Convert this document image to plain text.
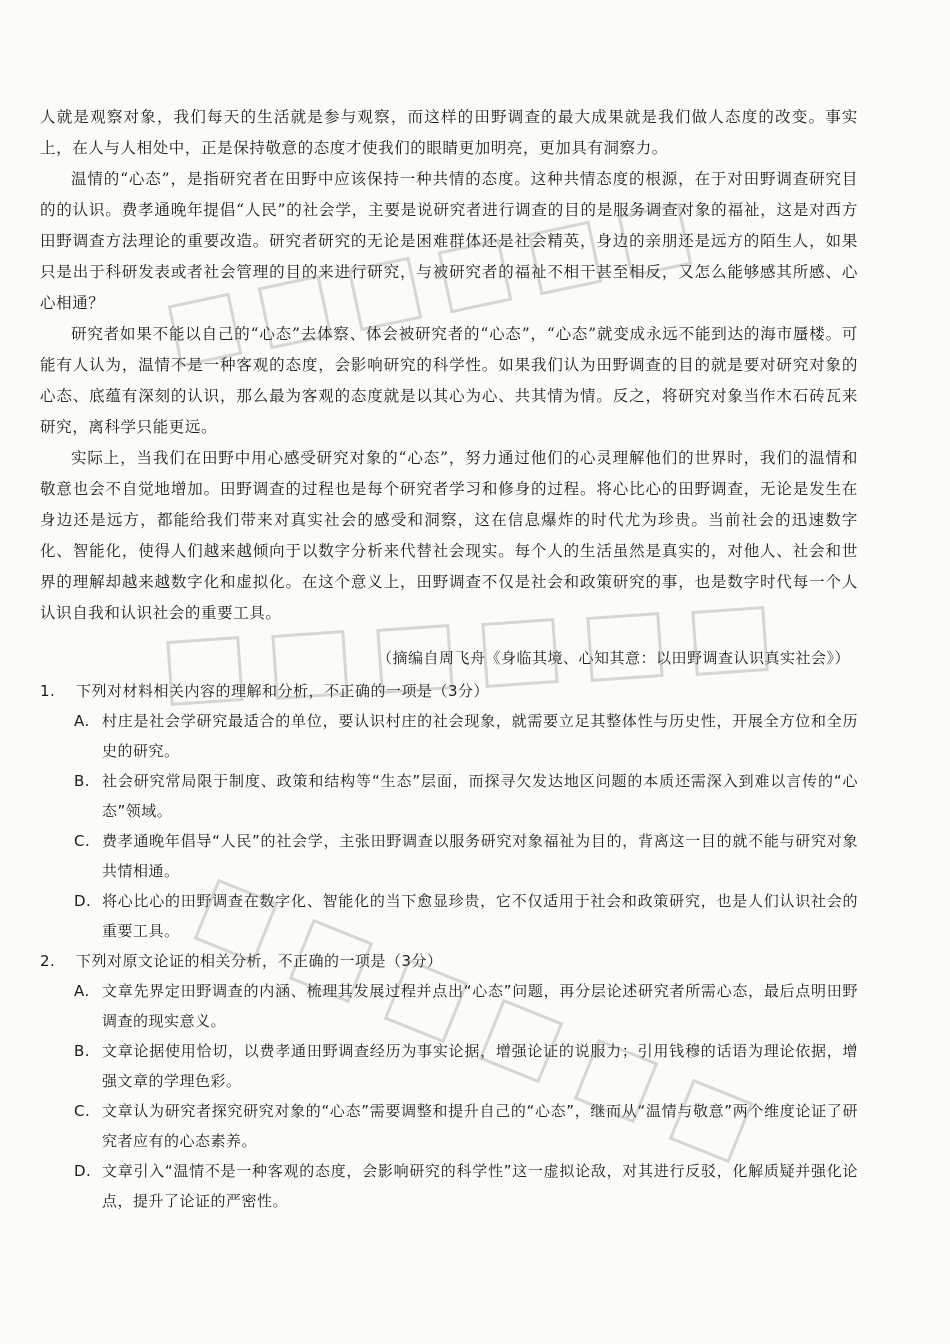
人就是观察对象，我们每天的生活就是参与观察，而这样的田野调查的最大成果就是我们做人态度的改变。事实上，在人与人相处中，正是保持敬意的态度才使我们的眼睛更加明亮，更加具有洞察力。

温情的“心态”，是指研究者在田野中应该保持一种共情的态度。这种共情态度的根源，在于对田野调查研究目的的认识。费孝通晚年提倡“人民”的社会学，主要是说研究者进行调查的目的是服务调查对象的福祉，这是对西方田野调查方法理论的重要改造。研究者研究的无论是困难群体还是社会精英，身边的亲朋还是远方的陌生人，如果只是出于科研发表或者社会管理的目的来进行研究，与被研究者的福祉不相干甚至相反，又怎么能够感其所感、心心相通？

研究者如果不能以自己的“心态”去体察、体会被研究者的“心态”，“心态”就变成永远不能到达的海市蜃楼。可能有人认为，温情不是一种客观的态度，会影响研究的科学性。如果我们认为田野调查的目的就是要对研究对象的心态、底蕴有深刻的认识，那么最为客观的态度就是以其心为心、共其情为情。反之，将研究对象当作木石砖瓦来研究，离科学只能更远。

实际上，当我们在田野中用心感受研究对象的“心态”，努力通过他们的心灵理解他们的世界时，我们的温情和敬意也会不自觉地增加。田野调查的过程也是每个研究者学习和修身的过程。将心比心的田野调查，无论是发生在身边还是远方，都能给我们带来对真实社会的感受和洞察，这在信息爆炸的时代尤为珍贵。当前社会的迅速数字化、智能化，使得人们越来越倾向于以数字分析来代替社会现实。每个人的生活虽然是真实的，对他人、社会和世界的理解却越来越数字化和虚拟化。在这个意义上，田野调查不仅是社会和政策研究的事，也是数字时代每一个人认识自我和认识社会的重要工具。

（摘编自周飞舟《身临其境、心知其意：以田野调查认识真实社会》）
1.	下列对材料相关内容的理解和分析，不正确的一项是（3分）
A. 村庄是社会学研究最适合的单位，要认识村庄的社会现象，就需要立足其整体性与历史性，开展全方位和全历史的研究。
B. 社会研究常局限于制度、政策和结构等“生态”层面，而探寻欠发达地区问题的本质还需深入到难以言传的“心态”领域。
C. 费孝通晚年倡导“人民”的社会学，主张田野调查以服务研究对象福祉为目的，背离这一目的就不能与研究对象共情相通。
D. 将心比心的田野调查在数字化、智能化的当下愈显珍贵，它不仅适用于社会和政策研究，也是人们认识社会的重要工具。
2.	下列对原文论证的相关分析，不正确的一项是（3分）
A. 文章先界定田野调查的内涵、梳理其发展过程并点出“心态”问题，再分层论述研究者所需心态，最后点明田野调查的现实意义。
B. 文章论据使用恰切，以费孝通田野调查经历为事实论据，增强论证的说服力；引用钱穆的话语为理论依据，增强文章的学理色彩。
C. 文章认为研究者探究研究对象的“心态”需要调整和提升自己的“心态”，继而从“温情与敬意”两个维度论证了研究者应有的心态素养。
D. 文章引入“温情不是一种客观的态度，会影响研究的科学性”这一虚拟论敌，对其进行反驳，化解质疑并强化论点，提升了论证的严密性。
